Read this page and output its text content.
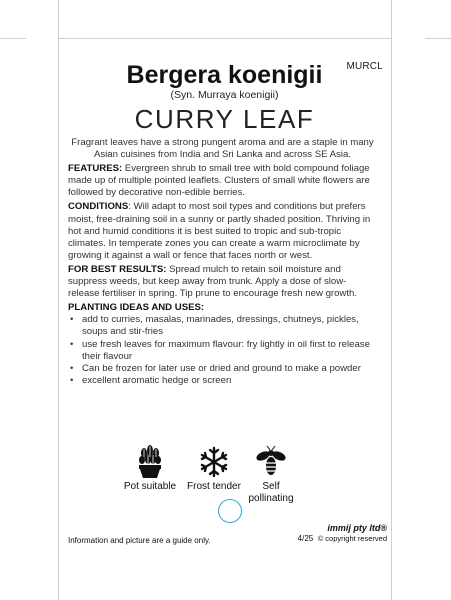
MURCL
Bergera koenigii
(Syn. Murraya koenigii)
CURRY LEAF

Fragrant leaves have a strong pungent aroma and are a staple in many Asian cuisines from India and Sri Lanka and across SE Asia.

FEATURES: Evergreen shrub to small tree with bold compound foliage made up of multiple pointed leaflets. Clusters of small white flowers are followed by decorative non-edible berries.

CONDITIONS: Will adapt to most soil types and conditions but prefers moist, free-draining soil in a sunny or partly shaded position. Thriving in hot and humid conditions it is best suited to tropic and sub-tropic climates. In temperate zones you can create a warm microclimate by growing it against a wall or fence that faces north or west.

FOR BEST RESULTS: Spread mulch to retain soil moisture and suppress weeds, but keep away from trunk. Apply a dose of slow-release fertiliser in spring. Tip prune to encourage fresh new growth.

PLANTING IDEAS AND USES:

• add to curries, masalas, marinades, dressings, chutneys, pickles, soups and stir-fries
• use fresh leaves for maximum flavour: fry lightly in oil first to release their flavour
• Can be frozen for later use or dried and ground to make a powder
• excellent aromatic hedge or screen
Pot suitable	Frost tender	Self pollinating
Information and picture are a guide only.
immij pty ltd®
4/25 © copyright reserved
